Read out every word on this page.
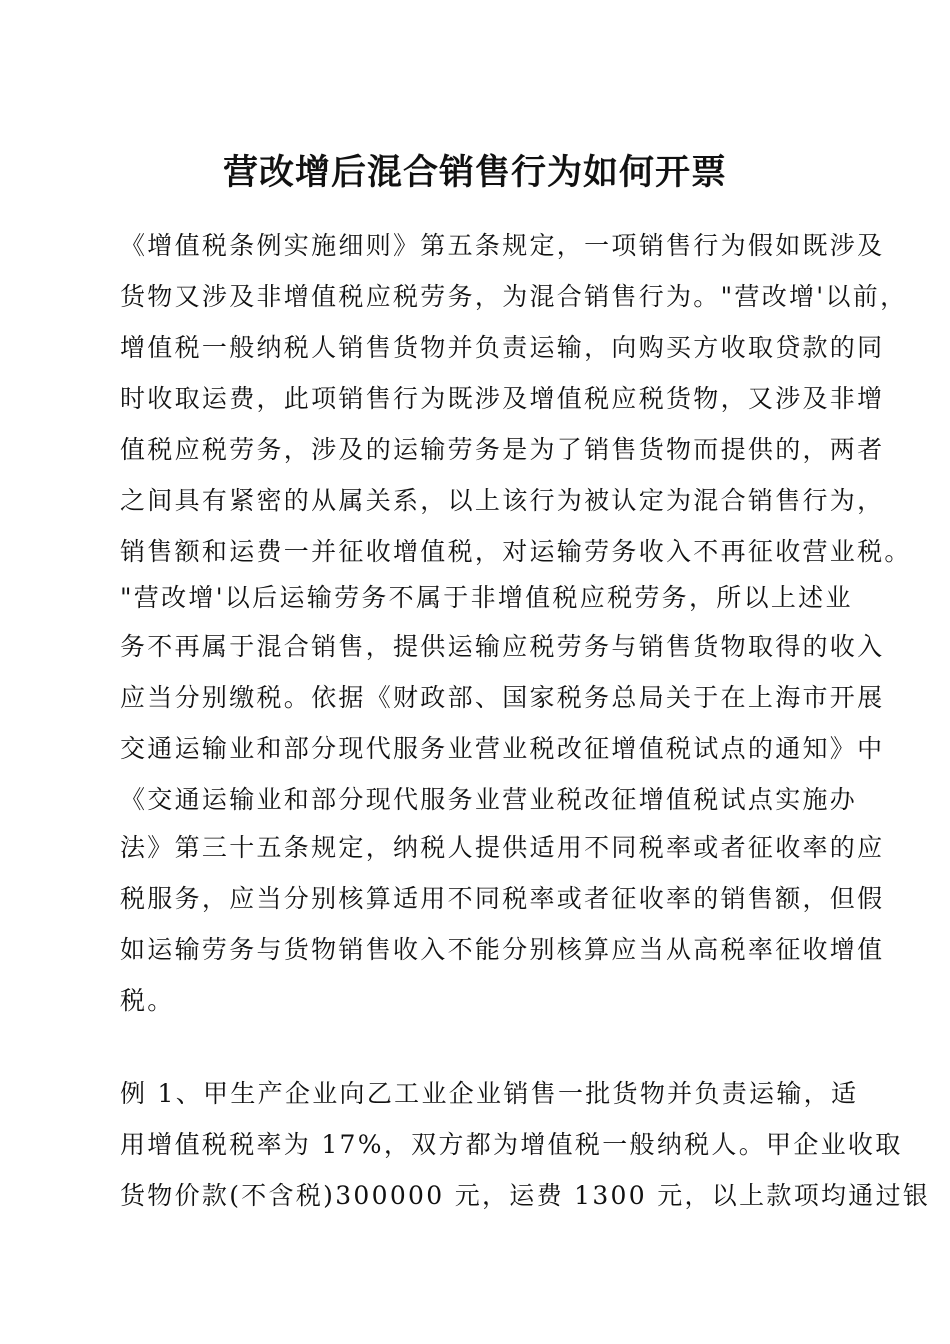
营改增后混合销售行为如何开票
《增值税条例实施细则》第五条规定，一项销售行为假如既涉及
货物又涉及非增值税应税劳务，为混合销售行为。"营改增'以前，
增值税一般纳税人销售货物并负责运输，向购买方收取贷款的同
时收取运费，此项销售行为既涉及增值税应税货物，又涉及非增
值税应税劳务，涉及的运输劳务是为了销售货物而提供的，两者
之间具有紧密的从属关系，以上该行为被认定为混合销售行为，
销售额和运费一并征收增值税，对运输劳务收入不再征收营业税。
"营改增'以后运输劳务不属于非增值税应税劳务，所以上述业
务不再属于混合销售，提供运输应税劳务与销售货物取得的收入
应当分别缴税。依据《财政部、国家税务总局关于在上海市开展
交通运输业和部分现代服务业营业税改征增值税试点的通知》中
《交通运输业和部分现代服务业营业税改征增值税试点实施办
法》第三十五条规定，纳税人提供适用不同税率或者征收率的应
税服务，应当分别核算适用不同税率或者征收率的销售额，但假
如运输劳务与货物销售收入不能分别核算应当从高税率征收增值
税。
例 1、甲生产企业向乙工业企业销售一批货物并负责运输，适
用增值税税率为 17%，双方都为增值税一般纳税人。甲企业收取
货物价款(不含税)300000 元，运费 1300 元，以上款项均通过银
